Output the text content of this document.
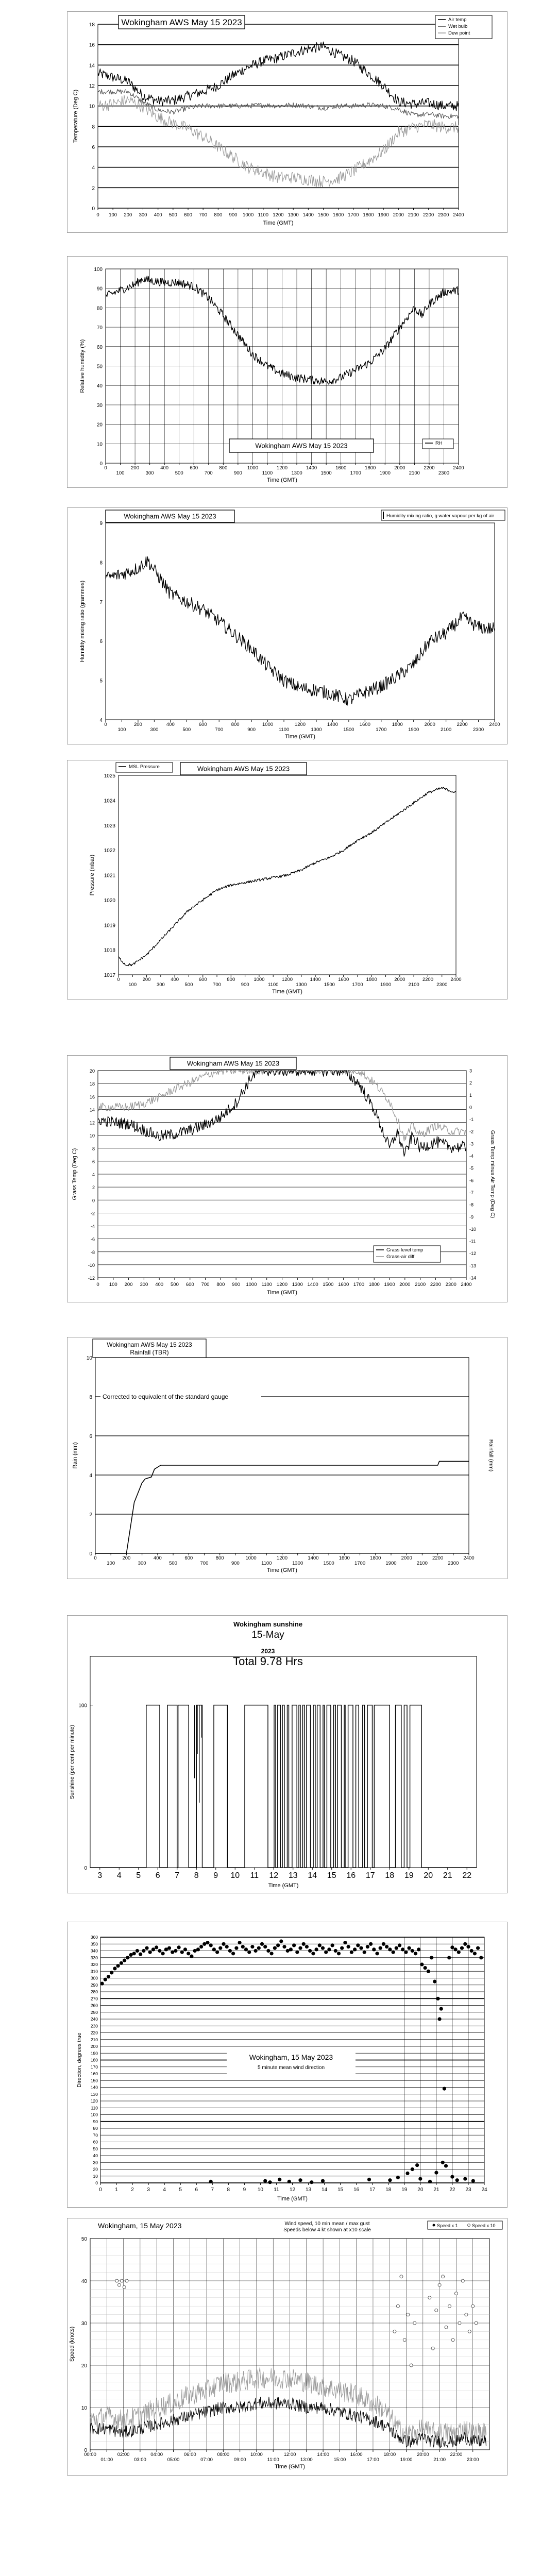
0
2
4
6
8
10
12
14
16
18
0 100 200 300 400 500 600 700 800 900 1000 1100 1200 1300 1400 1500 1600 1700 1800 1900 2000 2100 2200 2300 2400
Time (GMT)
Temperature (Deg C)
Wokingham AWS May 15 2023	Air temp
Wet bulb
Dew point
0
10
20
30
40
50
60
70
80
90
100
0
100
200
300
400
500
600
700
800
900
1000
1100
1200
1300
1400
1500
1600
1700
1800
1900
2000
2100
2200
2300
2400
Time (GMT)
Relative humidity (%)
Wokingham AWS May 15 2023	RH
4
5
6
7
8
9
0
100
200
300
400
500
600
700
800
900
1000
1100
1200
1300
1400
1500
1600
1700
1800
1900
2000
2100
2200
2300
2400
Time (GMT)
Humidity mixing ratio (grammes)
Wokingham AWS May 15 2023	Humidity mixing ratio, g water vapour per kg of air
1017
1018
1019
1020
1021
1022
1023
1024
1025
0
100
200
300
400
500
600
700
800
900
1000
1100
1200
1300
1400
1500
1600
1700
1800
1900
2000
2100
2200
2300
2400
Time (GMT)
Pressure (mbar)
MSL Pressure	Wokingham AWS May 15 2023
-12
-10
-8
-6
-4
-2
0
2
4
6
8
10
12
14
16
18
20
0 100 200 300 400 500 600 700 800 900 1000 1100 1200 1300 1400 1500 1600 1700 1800 1900 2000 2100 2200 2300 2400
Time (GMT)
Grass Temp (Deg C)
-14
-13
-12
-11
-10
-9
-8
-7
-6
-5
-4
-3
-2
-1
0
1
2
3
Grass Temp minus Air Temp (Deg C)
Grass level temp
Grass-air diff
Wokingham AWS May 15 2023
0
2
4
6
8
10
0
100
200
300
400
500
600
700
800
900
1000
1100
1200
1300
1400
1500
1600
1700
1800
1900
2000
2100
2200
2300
2400
Time (GMT)
Rain (mm)	Rainfall (mm)
Wokingham AWS May 15 2023
Rainfall (TBR)
Corrected to equivalent of the standard gauge
0
100
3 4 5 6 7 8 9 10 11 12 13 14 15 16 17 18 19 20 21 22
Time (GMT)
Sunshine (per cent per minute)
Wokingham sunshine
15-May
2023
Total 9.78 Hrs
0
10
20
30
40
50
60
70
80
90
100
110
120
130
140
150
160
170
180
190
200
210
220
230
240
250
260
270
280
290
300
310
320
330
340
350
360
0	1	2	3	4	5	6	7	8	9 10 11 12 13 14 15 16 17 18 19 20 21 22 23 24
Time (GMT)
Direction, degrees true	Wokingham, 15 May 2023
5 minute mean wind direction
0
10
20
30
40
50
00:00
01:00
02:00
03:00
04:00
05:00
06:00
07:00
08:00
09:00
10:00
11:00
12:00
13:00
14:00
15:00
16:00
17:00
18:00
19:00
20:00
21:00
22:00
23:00
Time (GMT)
Speed (knots)
Wokingham, 15 May 2023	Wind speed, 10 min mean / max gust
Speeds below 4 kt shown at x10 scale
Speed x 1	Speed x 10
